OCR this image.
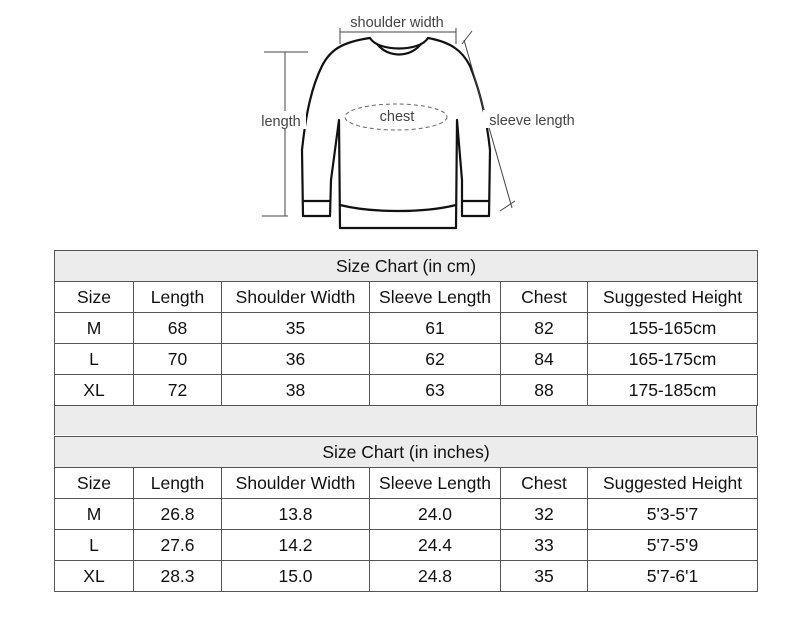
shoulder width
length	chest	sleeve length
Size Chart (in cm)					
Size	Length	Shoulder Width	Sleeve Length	Chest	Suggested Height
M	68	35	61	82	155-165cm
L	70	36	62	84	165-175cm
XL	72	38	63	88	175-185cm
Size Chart (in inches)					
Size	Length	Shoulder Width	Sleeve Length	Chest	Suggested Height
M	26.8	13.8	24.0	32	5'3-5'7
L	27.6	14.2	24.4	33	5'7-5'9
XL	28.3	15.0	24.8	35	5'7-6'1
